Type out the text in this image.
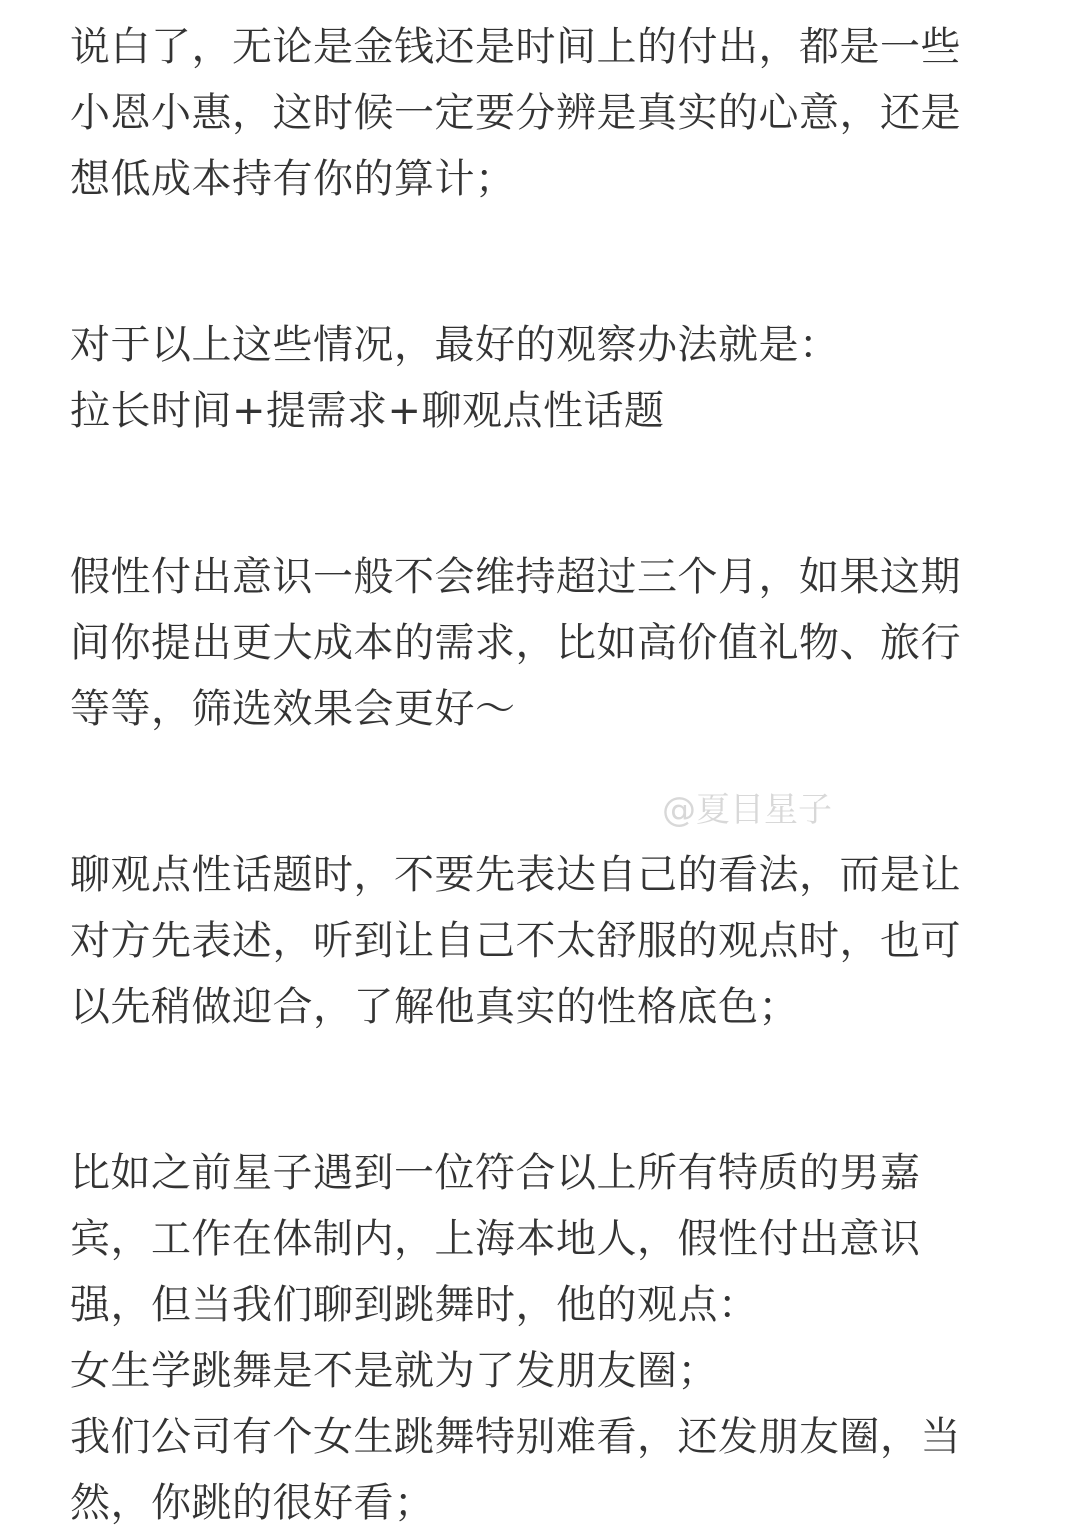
说白了，无论是金钱还是时间上的付出，都是一些
小恩小惠，这时候一定要分辨是真实的心意，还是
想低成本持有你的算计；
对于以上这些情况，最好的观察办法就是：
拉长时间+提需求+聊观点性话题
假性付出意识一般不会维持超过三个月，如果这期
间你提出更大成本的需求，比如高价值礼物、旅行
等等，筛选效果会更好～
聊观点性话题时，不要先表达自己的看法，而是让
对方先表述，听到让自己不太舒服的观点时，也可
以先稍做迎合，了解他真实的性格底色；
比如之前星子遇到一位符合以上所有特质的男嘉
宾，工作在体制内，上海本地人，假性付出意识
强，但当我们聊到跳舞时，他的观点：
女生学跳舞是不是就为了发朋友圈；
我们公司有个女生跳舞特别难看，还发朋友圈，当
然，你跳的很好看；
@夏目星子
